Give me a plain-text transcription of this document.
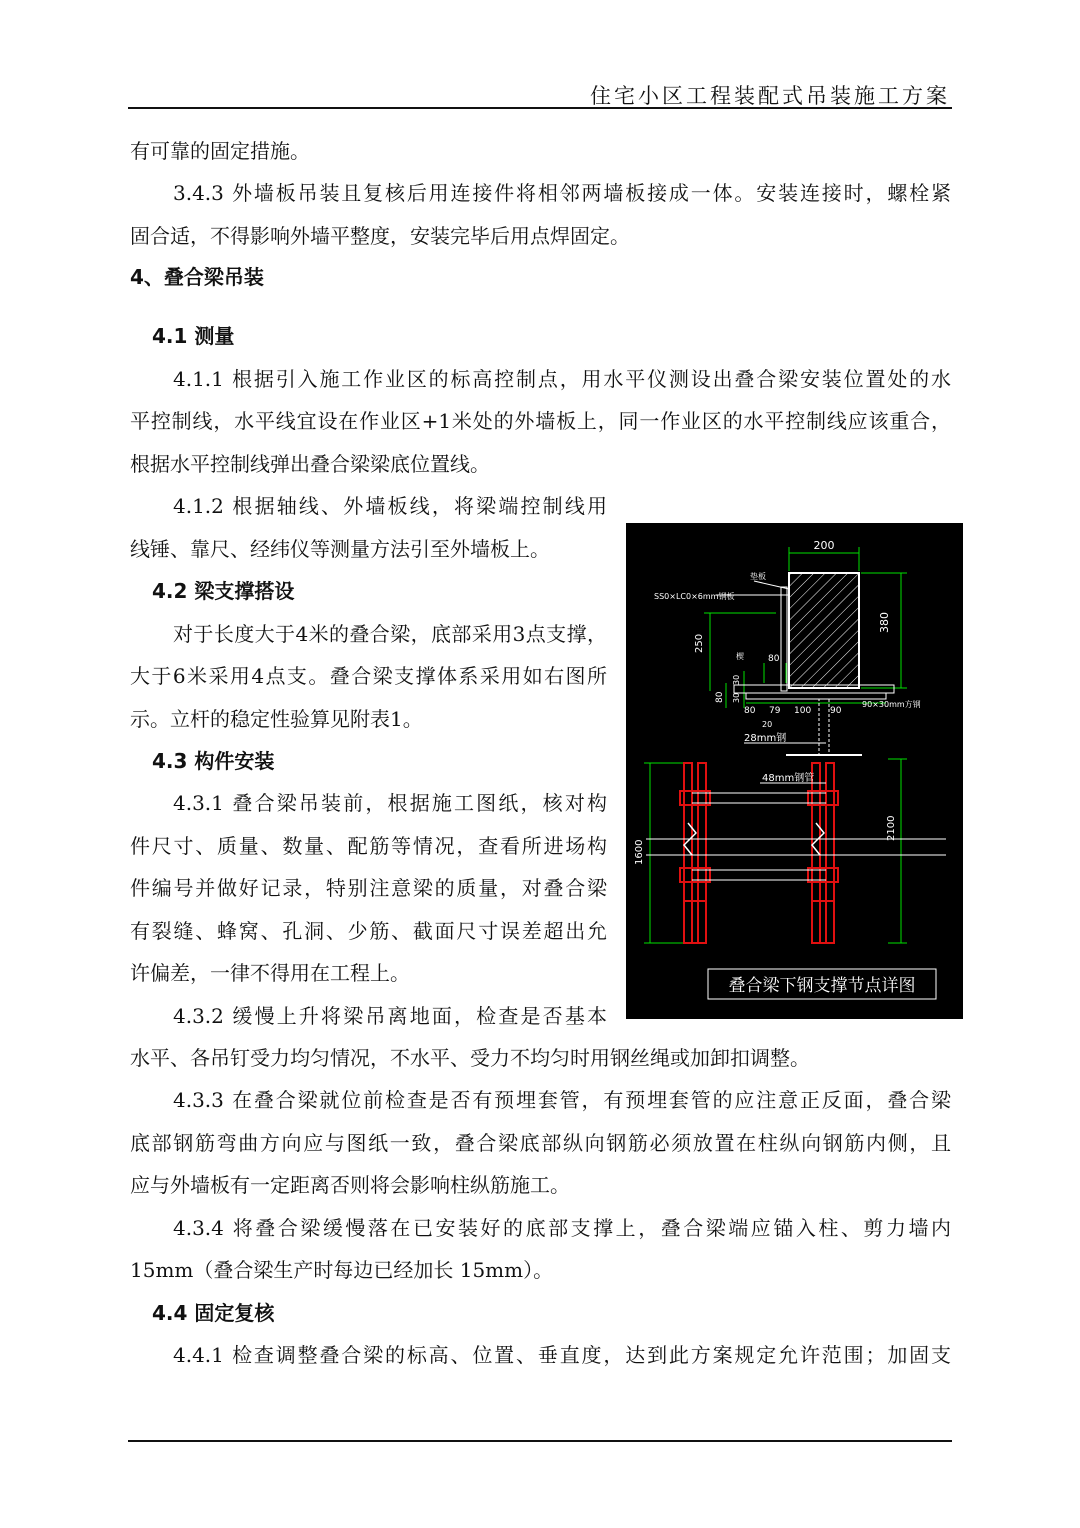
住宅小区工程装配式吊装施工方案
有可靠的固定措施。
3.4.3 外墙板吊装且复核后用连接件将相邻两墙板接成一体。安装连接时，螺栓紧
固合适，不得影响外墙平整度，安装完毕后用点焊固定。
4、叠合梁吊装
4.1 测量
4.1.1 根据引入施工作业区的标高控制点，用水平仪测设出叠合梁安装位置处的水
平控制线，水平线宜设在作业区+1米处的外墙板上，同一作业区的水平控制线应该重合，
根据水平控制线弹出叠合梁梁底位置线。
4.1.2 根据轴线、外墙板线，将梁端控制线用
线锤、靠尺、经纬仪等测量方法引至外墙板上。
4.2 梁支撑搭设
对于长度大于4米的叠合梁，底部采用3点支撑，
大于6米采用4点支。叠合梁支撑体系采用如右图所
示。立杆的稳定性验算见附表1。
4.3 构件安装
4.3.1 叠合梁吊装前，根据施工图纸，核对构
件尺寸、质量、数量、配筋等情况，查看所进场构
件编号并做好记录，特别注意梁的质量，对叠合梁
有裂缝、蜂窝、孔洞、少筋、截面尺寸误差超出允
许偏差，一律不得用在工程上。
4.3.2 缓慢上升将梁吊离地面，检查是否基本
水平、各吊钉受力均匀情况，不水平、受力不均匀时用钢丝绳或加卸扣调整。
4.3.3 在叠合梁就位前检查是否有预埋套管，有预埋套管的应注意正反面，叠合梁
底部钢筋弯曲方向应与图纸一致，叠合梁底部纵向钢筋必须放置在柱纵向钢筋内侧，且
应与外墙板有一定距离否则将会影响柱纵筋施工。
4.3.4 将叠合梁缓慢落在已安装好的底部支撑上，叠合梁端应锚入柱、剪力墙内
15mm（叠合梁生产时每边已经加长 15mm）。
4.4 固定复核
4.4.1 检查调整叠合梁的标高、位置、垂直度，达到此方案规定允许范围；加固支
200
SS0×LC0×6mm钢板
垫板
380
250
80
30
30
楔	80
80 79 100 90
20
90×30mm方钢
28mm钢
2100
1600
48mm钢管
叠合梁下钢支撑节点详图
